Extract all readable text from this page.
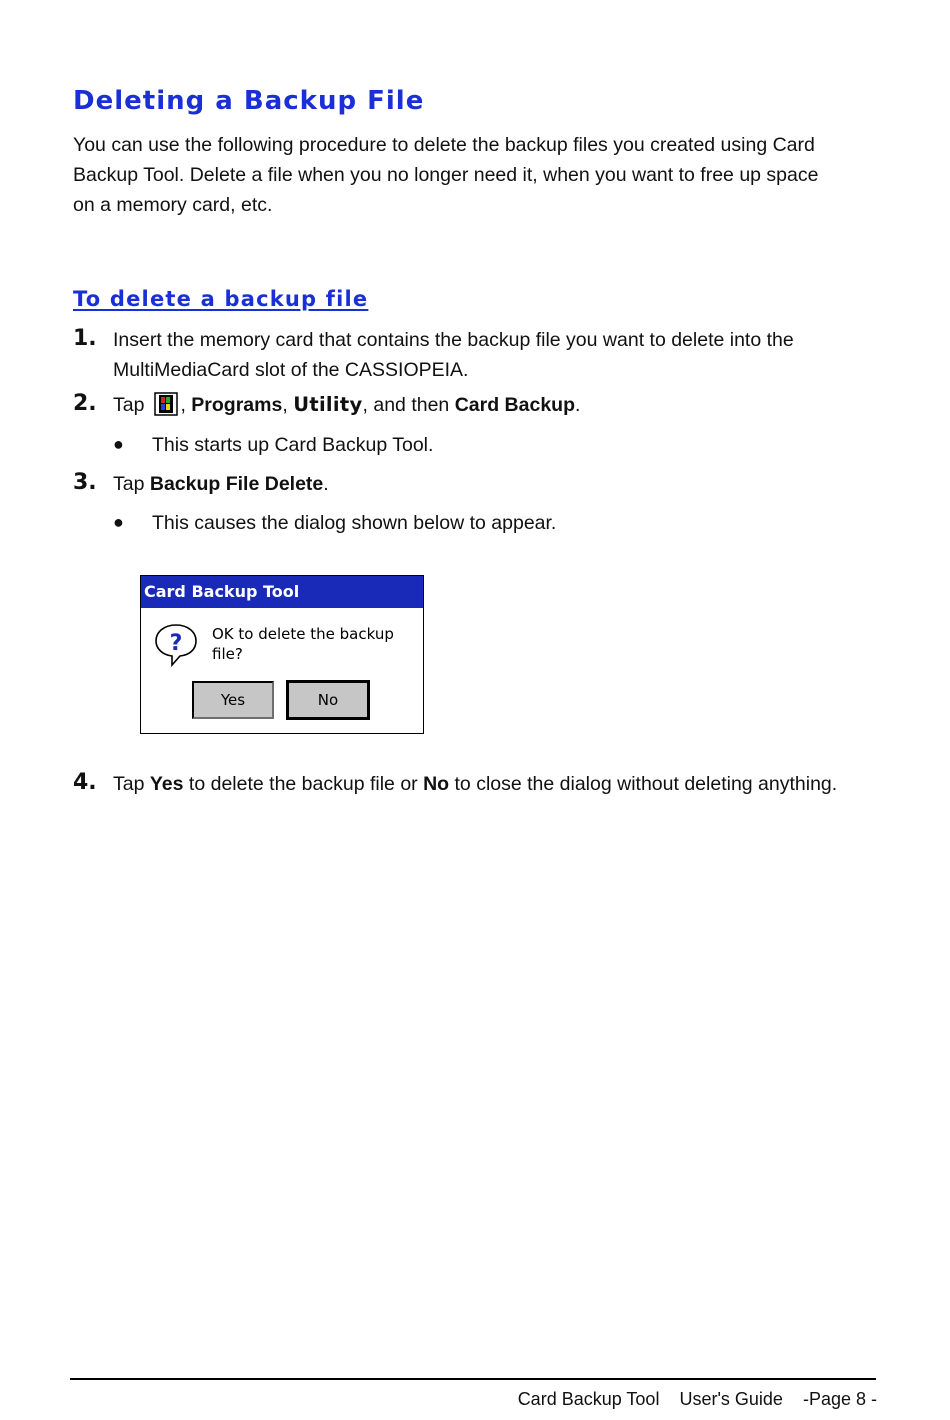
Deleting a Backup File

You can use the following procedure to delete the backup files you created using Card
Backup Tool. Delete a file when you no longer need it, when you want to free up space
on a memory card, etc.

To delete a backup file
1. Insert the memory card that contains the backup file you want to delete into the
MultiMediaCard slot of the CASSIOPEIA.
2. Tap , Programs, Utility, and then Card Backup.
● This starts up Card Backup Tool.
3. Tap Backup File Delete.
● This causes the dialog shown below to appear.
Card Backup Tool
? OK to delete the backup file?
Yes	No
4. Tap Yes to delete the backup file or No to close the dialog without deleting anything.
Card Backup Tool User's Guide -Page 8 -
